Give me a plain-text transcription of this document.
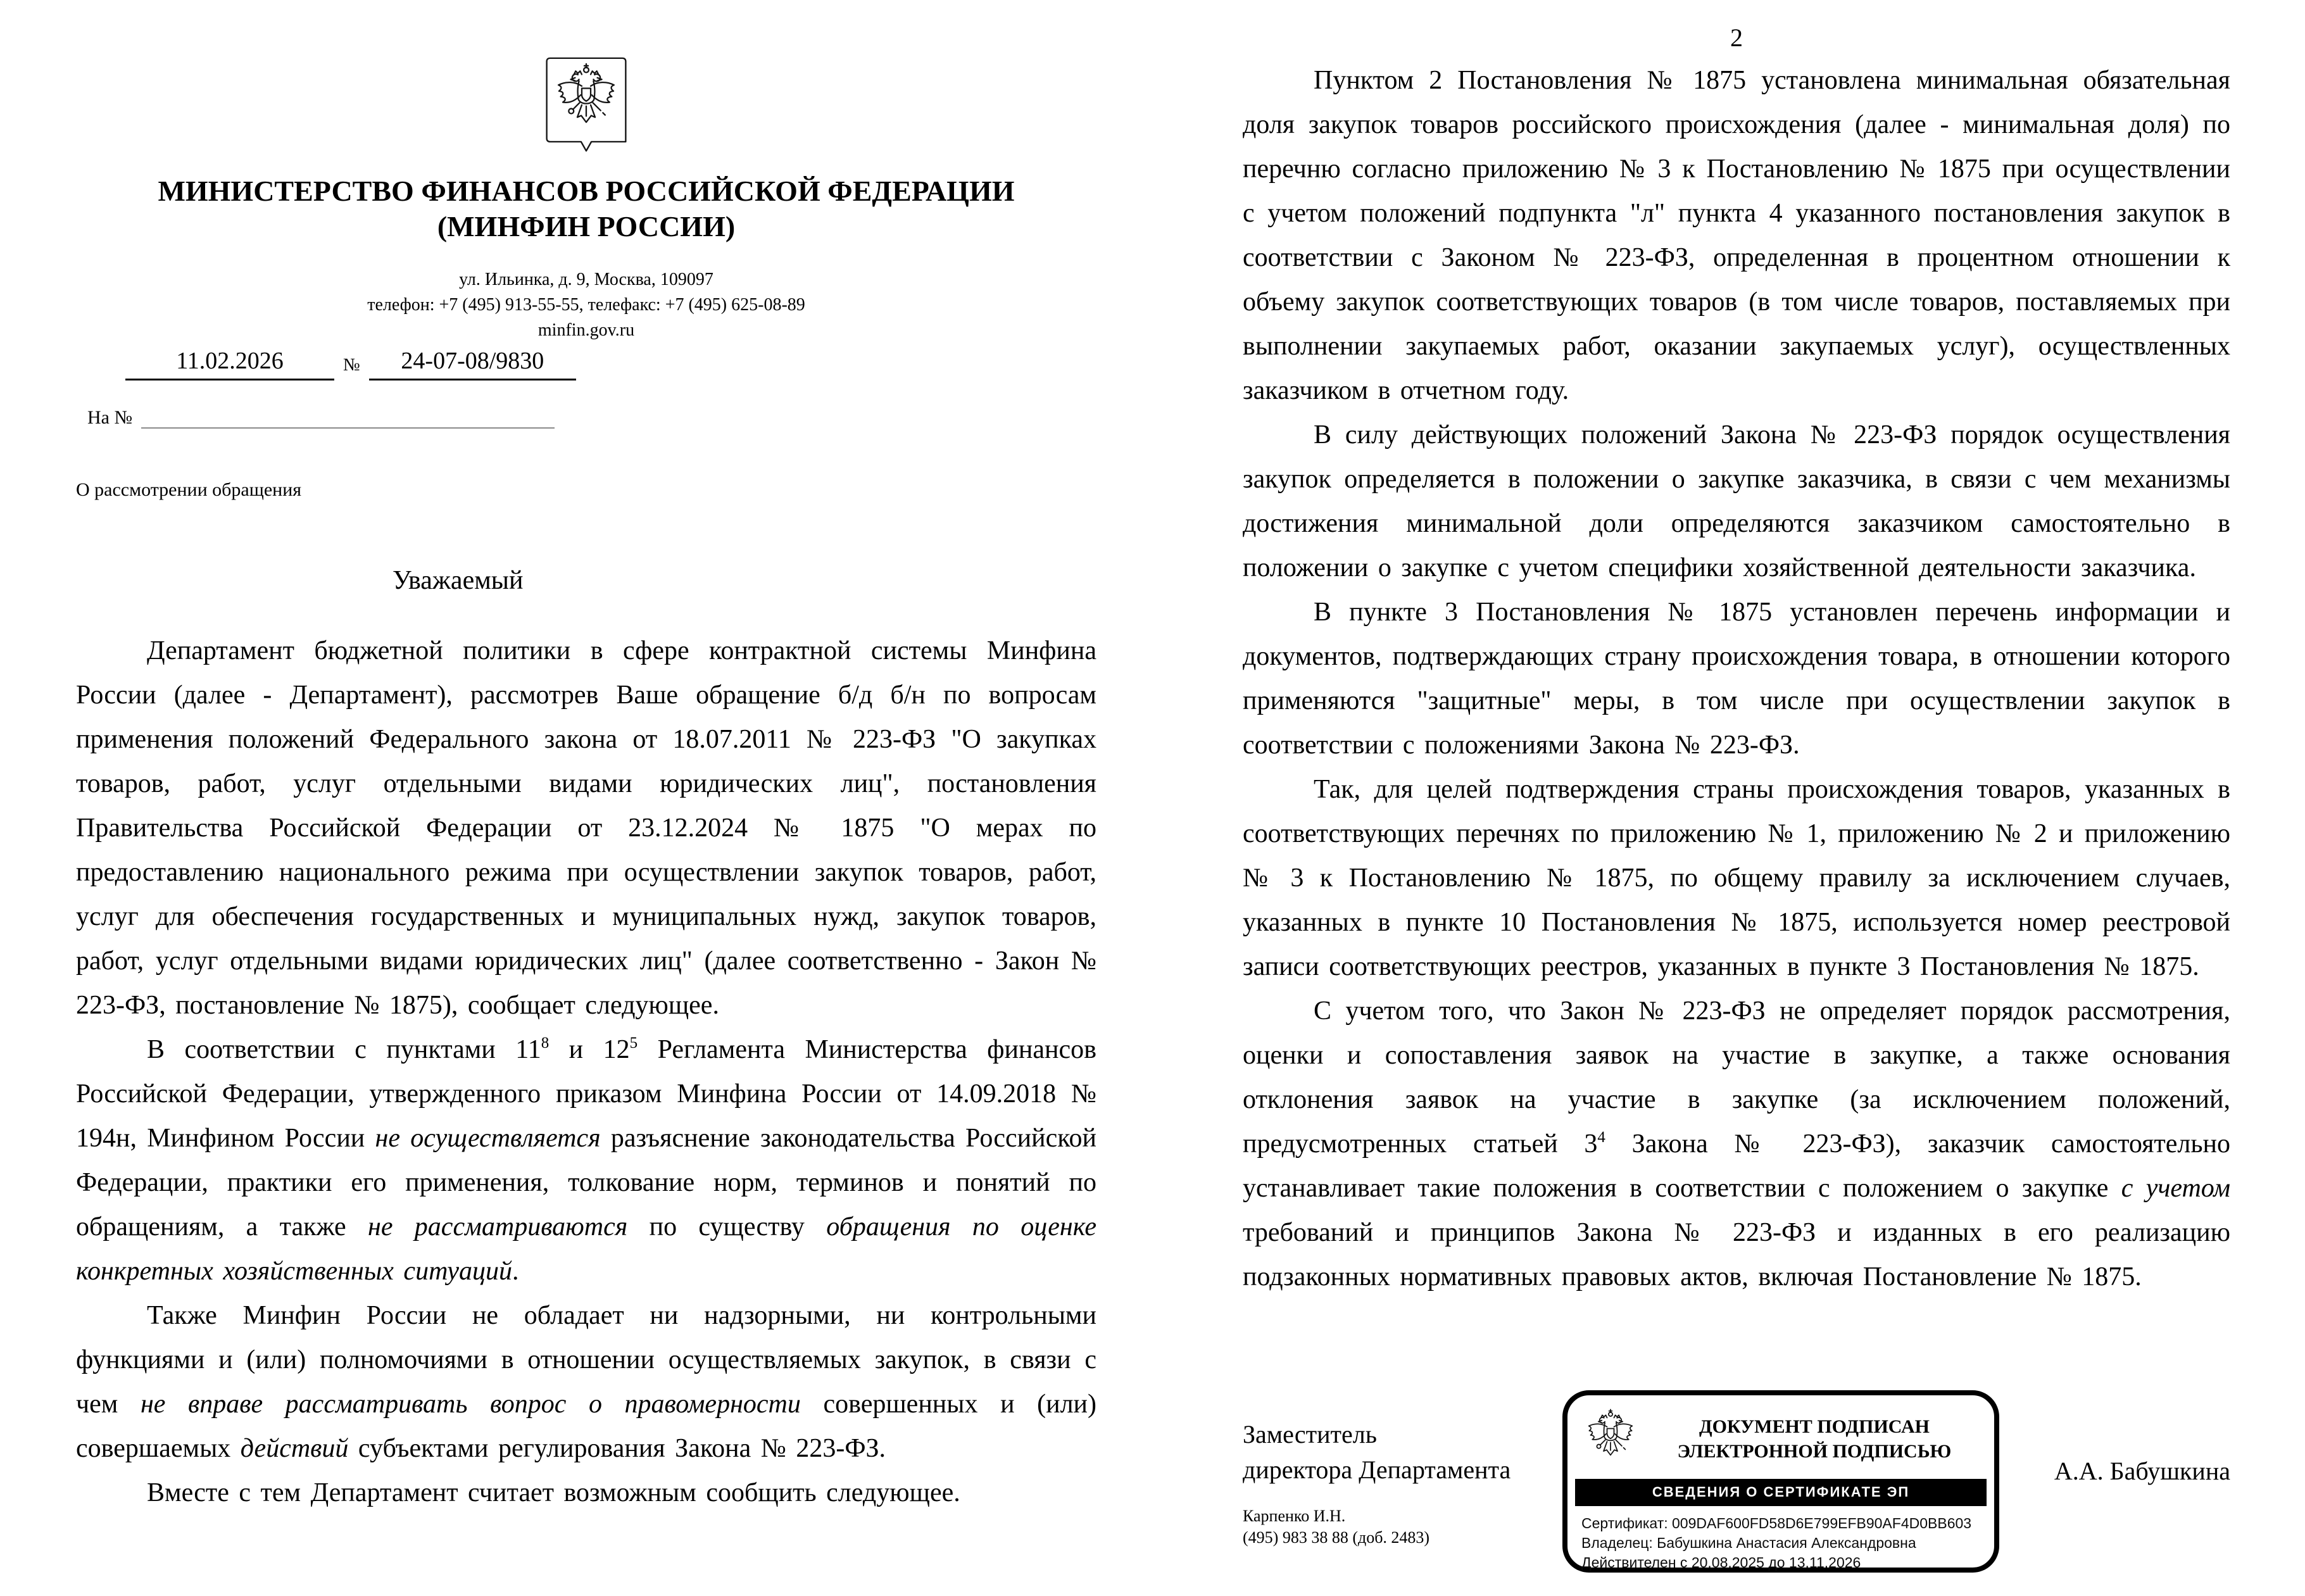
МИНИСТЕРСТВО ФИНАНСОВ РОССИЙСКОЙ ФЕДЕРАЦИИ
(МИНФИН РОССИИ)
ул. Ильинка, д. 9, Москва, 109097
телефон: +7 (495) 913-55-55, телефакс: +7 (495) 625-08-89
minfin.gov.ru
11.02.2026	№	24-07-08/9830
На №
О рассмотрении обращения
Уважаемый

Департамент бюджетной политики в сфере контрактной системы Минфина России (далее - Департамент), рассмотрев Ваше обращение б/д б/н по вопросам применения положений Федерального закона от 18.07.2011 № 223-ФЗ "О закупках товаров, работ, услуг отдельными видами юридических лиц", постановления Правительства Российской Федерации от 23.12.2024 № 1875 "О мерах по предоставлению национального режима при осуществлении закупок товаров, работ, услуг для обеспечения государственных и муниципальных нужд, закупок товаров, работ, услуг отдельными видами юридических лиц" (далее соответственно - Закон № 223-ФЗ, постановление № 1875), сообщает следующее.

В соответствии с пунктами $11^8$ и $12^5$ Регламента Министерства финансов Российской Федерации, утвержденного приказом Минфина России от 14.09.2018 № 194н, Минфином России не осуществляется разъяснение законодательства Российской Федерации, практики его применения, толкование норм, терминов и понятий по обращениям, а также не рассматриваются по существу обращения по оценке конкретных хозяйственных ситуаций.

Также Минфин России не обладает ни надзорными, ни контрольными функциями и (или) полномочиями в отношении осуществляемых закупок, в связи с чем не вправе рассматривать вопрос о правомерности совершенных и (или) совершаемых действий субъектами регулирования Закона № 223-ФЗ.

Вместе с тем Департамент считает возможным сообщить следующее.

2

Пунктом 2 Постановления № 1875 установлена минимальная обязательная доля закупок товаров российского происхождения (далее - минимальная доля) по перечню согласно приложению № 3 к Постановлению № 1875 при осуществлении с учетом положений подпункта "л" пункта 4 указанного постановления закупок в соответствии с Законом № 223-ФЗ, определенная в процентном отношении к объему закупок соответствующих товаров (в том числе товаров, поставляемых при выполнении закупаемых работ, оказании закупаемых услуг), осуществленных заказчиком в отчетном году.

В силу действующих положений Закона № 223-ФЗ порядок осуществления закупок определяется в положении о закупке заказчика, в связи с чем механизмы достижения минимальной доли определяются заказчиком самостоятельно в положении о закупке с учетом специфики хозяйственной деятельности заказчика.

В пункте 3 Постановления № 1875 установлен перечень информации и документов, подтверждающих страну происхождения товара, в отношении которого применяются "защитные" меры, в том числе при осуществлении закупок в соответствии с положениями Закона № 223-ФЗ.

Так, для целей подтверждения страны происхождения товаров, указанных в соответствующих перечнях по приложению № 1, приложению № 2 и приложению № 3 к Постановлению № 1875, по общему правилу за исключением случаев, указанных в пункте 10 Постановления № 1875, используется номер реестровой записи соответствующих реестров, указанных в пункте 3 Постановления № 1875.

С учетом того, что Закон № 223-ФЗ не определяет порядок рассмотрения, оценки и сопоставления заявок на участие в закупке, а также основания отклонения заявок на участие в закупке (за исключением положений, предусмотренных статьей $3^4$ Закона № 223-ФЗ), заказчик самостоятельно устанавливает такие положения в соответствии с положением о закупке с учетом требований и принципов Закона № 223-ФЗ и изданных в его реализацию подзаконных нормативных правовых актов, включая Постановление № 1875.

Заместитель
директора Департамента
ДОКУМЕНТ ПОДПИСАН
ЭЛЕКТРОННОЙ ПОДПИСЬЮ
СВЕДЕНИЯ О СЕРТИФИКАТЕ ЭП
Сертификат: 009DAF600FD58D6E799EFB90AF4D0BB603
Владелец: Бабушкина Анастасия Александровна
Действителен с 20.08.2025 до 13.11.2026
А.А. Бабушкина
Карпенко И.Н.
(495) 983 38 88 (доб. 2483)
